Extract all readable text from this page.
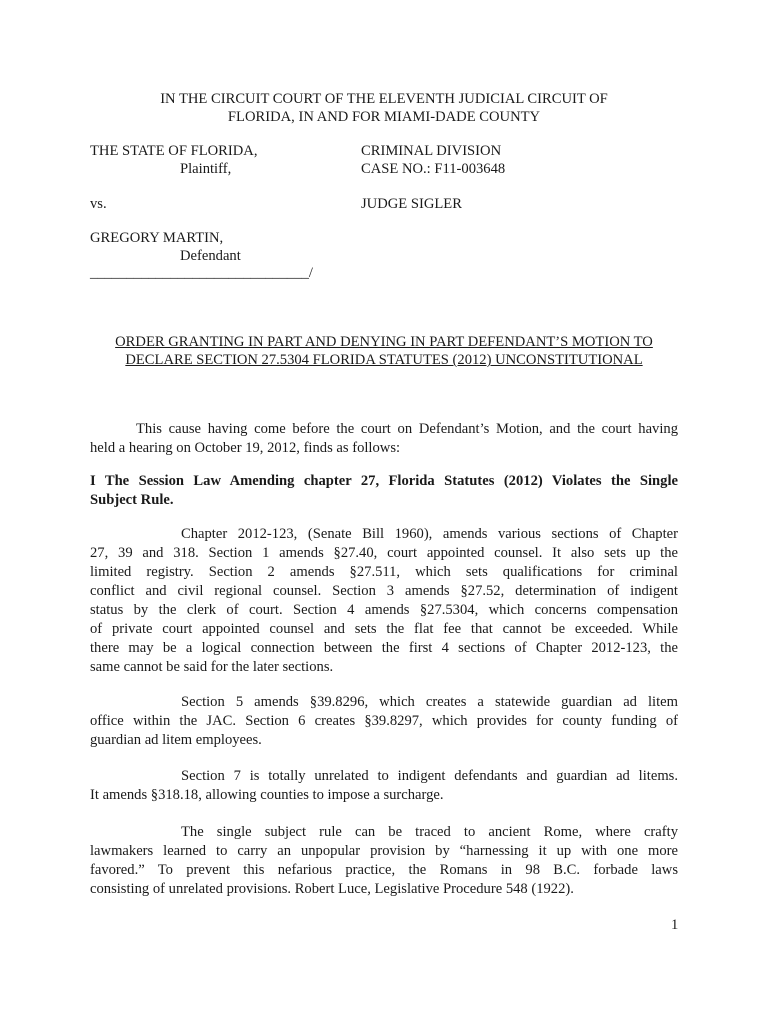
IN THE CIRCUIT COURT OF THE ELEVENTH JUDICIAL CIRCUIT OF
FLORIDA, IN AND FOR MIAMI-DADE COUNTY
THE STATE OF FLORIDA,
Plaintiff,
CRIMINAL DIVISION
CASE NO.: F11-003648
vs.	JUDGE SIGLER
GREGORY MARTIN,
Defendant
______________________________/
ORDER GRANTING IN PART AND DENYING IN PART DEFENDANT’S MOTION TO
DECLARE SECTION 27.5304 FLORIDA STATUTES (2012) UNCONSTITUTIONAL
This cause having come before the court on Defendant’s Motion, and the court having
held a hearing on October 19, 2012, finds as follows:
I The Session Law Amending chapter 27, Florida Statutes (2012) Violates the Single
Subject Rule.
Chapter 2012-123, (Senate Bill 1960), amends various sections of Chapter
27, 39 and 318. Section 1 amends §27.40, court appointed counsel. It also sets up the
limited registry. Section 2 amends §27.511, which sets qualifications for criminal
conflict and civil regional counsel. Section 3 amends §27.52, determination of indigent
status by the clerk of court. Section 4 amends §27.5304, which concerns compensation
of private court appointed counsel and sets the flat fee that cannot be exceeded. While
there may be a logical connection between the first 4 sections of Chapter 2012-123, the
same cannot be said for the later sections.
Section 5 amends §39.8296, which creates a statewide guardian ad litem
office within the JAC. Section 6 creates §39.8297, which provides for county funding of
guardian ad litem employees.
Section 7 is totally unrelated to indigent defendants and guardian ad litems.
It amends §318.18, allowing counties to impose a surcharge.
The single subject rule can be traced to ancient Rome, where crafty
lawmakers learned to carry an unpopular provision by “harnessing it up with one more
favored.” To prevent this nefarious practice, the Romans in 98 B.C. forbade laws
consisting of unrelated provisions. Robert Luce, Legislative Procedure 548 (1922).
1
